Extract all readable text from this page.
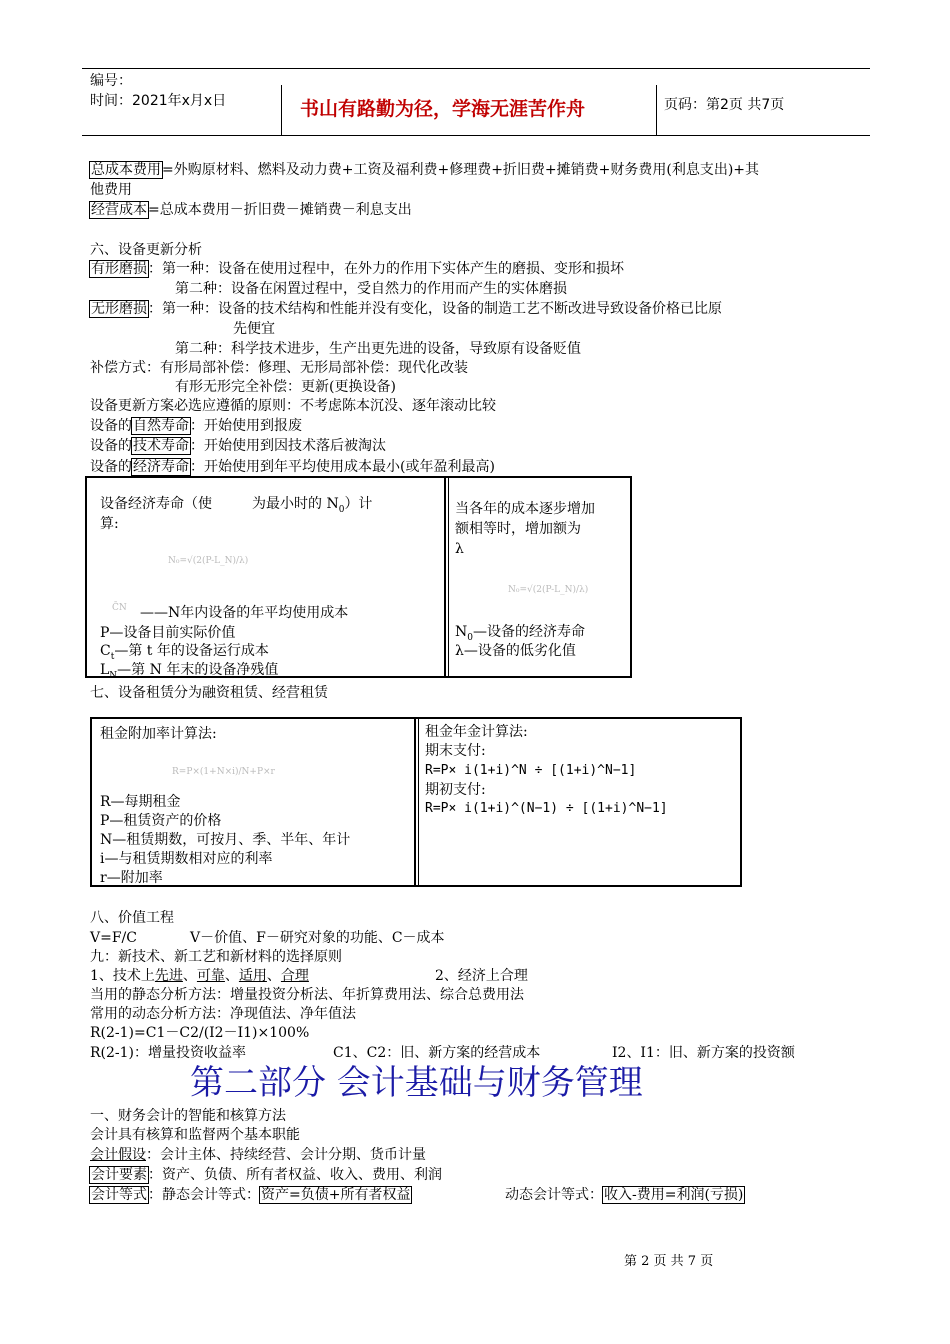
编号：
时间：2021年x月x日	书山有路勤为径，学海无涯苦作舟	页码：第2页 共7页
总成本费用=外购原材料、燃料及动力费+工资及福利费+修理费+折旧费+摊销费+财务费用(利息支出)+其
他费用
经营成本=总成本费用－折旧费－摊销费－利息支出
六、设备更新分析
有形磨损：第一种：设备在使用过程中，在外力的作用下实体产生的磨损、变形和损坏
第二种：设备在闲置过程中，受自然力的作用而产生的实体磨损
无形磨损：第一种：设备的技术结构和性能并没有变化，设备的制造工艺不断改进导致设备价格已比原
先便宜
第二种：科学技术进步，生产出更先进的设备，导致原有设备贬值
补偿方式：有形局部补偿：修理、无形局部补偿：现代化改装
有形无形完全补偿：更新(更换设备)
设备更新方案必选应遵循的原则：不考虑陈本沉没、逐年滚动比较
设备的自然寿命：开始使用到报废
设备的技术寿命：开始使用到因技术落后被淘汰
设备的经济寿命：开始使用到年平均使用成本最小(或年盈利最高)
设备经济寿命（使	为最小时的 $N_0$）计
算:
N₀=√(2(P-L_N)/λ)
C̄N ——N年内设备的年平均使用成本
P—设备目前实际价值
$C_t—$第 t 年的设备运行成本
$L_N—$第 N 年末的设备净残值
当各年的成本逐步增加
额相等时，增加额为
λ
N₀=√(2(P-L_N)/λ)
$N_0—$设备的经济寿命
λ—设备的低劣化值
七、设备租赁分为融资租赁、经营租赁
租金附加率计算法:
R=P×(1+N×i)/N+P×r
R—每期租金
P—租赁资产的价格
N—租赁期数，可按月、季、半年、年计
i—与租赁期数相对应的利率
r—附加率
租金年金计算法:
期末支付:
R=P× i(1+i)^N ÷ [(1+i)^N−1]
期初支付:
R=P× i(1+i)^(N−1) ÷ [(1+i)^N−1]
八、价值工程
V=F/C	V－价值、F－研究对象的功能、C－成本
九：新技术、新工艺和新材料的选择原则
1、技术上先进、可靠、适用、合理	2、经济上合理
当用的静态分析方法：增量投资分析法、年折算费用法、综合总费用法
常用的动态分析方法：净现值法、净年值法
R(2-1)=C1－C2/(I2－I1)×100%
R(2-1)：增量投资收益率	C1、C2：旧、新方案的经营成本	I2、I1：旧、新方案的投资额
第二部分 会计基础与财务管理
一、财务会计的智能和核算方法
会计具有核算和监督两个基本职能
会计假设：会计主体、持续经营、会计分期、货币计量
会计要素：资产、负债、所有者权益、收入、费用、利润
会计等式：静态会计等式：资产=负债+所有者权益	动态会计等式：收入-费用=利润(亏损)
第 2 页 共 7 页
